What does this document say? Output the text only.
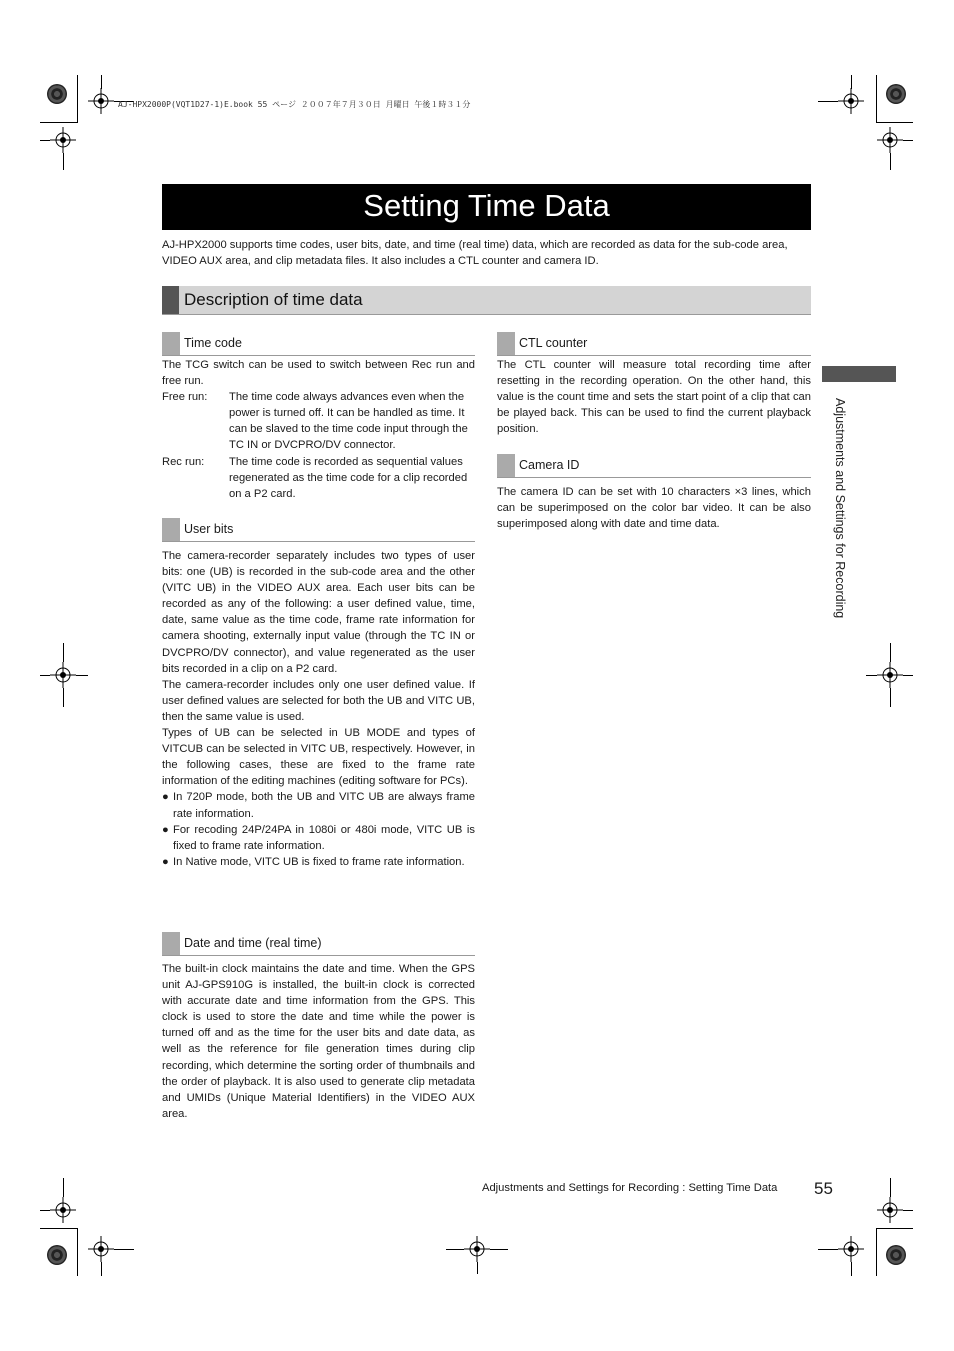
AJ-HPX2000P(VQT1D27-1)E.book 55 ページ ２００７年７月３０日 月曜日 午後１時３１分
Setting Time Data
AJ-HPX2000 supports time codes, user bits, date, and time (real time) data, which are recorded as data for the sub-code area, VIDEO AUX area, and clip metadata files. It also includes a CTL counter and camera ID.
Description of time data
Time code

The TCG switch can be used to switch between Rec run and free run.

Free run:	The time code always advances even when the power is turned off. It can be handled as time. It can be slaved to the time code input through the TC IN or DVCPRO/DV connector.
Rec run:	The time code is recorded as sequential values regenerated as the time code for a clip recorded on a P2 card.
User bits

The camera-recorder separately includes two types of user bits: one (UB) is recorded in the sub-code area and the other (VITC UB) in the VIDEO AUX area. Each user bits can be recorded as any of the following: a user defined value, time, date, same value as the time code, frame rate information for camera shooting, externally input value (through the TC IN or DVCPRO/DV connector), and value regenerated as the user bits recorded in a clip on a P2 card.

The camera-recorder includes only one user defined value. If user defined values are selected for both the UB and VITC UB, then the same value is used.

Types of UB can be selected in UB MODE and types of VITCUB can be selected in VITC UB, respectively. However, in the following cases, these are fixed to the frame rate information of the editing machines (editing software for PCs).

● In 720P mode, both the UB and VITC UB are always frame rate information.
● For recoding 24P/24PA in 1080i or 480i mode, VITC UB is fixed to frame rate information.
● In Native mode, VITC UB is fixed to frame rate information.
Date and time (real time)

The built-in clock maintains the date and time. When the GPS unit AJ-GPS910G is installed, the built-in clock is corrected with accurate date and time information from the GPS. This clock is used to store the date and time while the power is turned off and as the time for the user bits and date data, as well as the reference for file generation times during clip recording, which determine the sorting order of thumbnails and the order of playback. It is also used to generate clip metadata and UMIDs (Unique Material Identifiers) in the VIDEO AUX area.

CTL counter

The CTL counter will measure total recording time after resetting in the recording operation. On the other hand, this value is the count time and sets the start point of a clip that can be played back. This can be used to find the current playback position.

Camera ID

The camera ID can be set with 10 characters ×3 lines, which can be superimposed on the color bar video. It can be also superimposed along with date and time data.	Adjustments and Settings for Recording
Adjustments and Settings for Recording : Setting Time Data 55
